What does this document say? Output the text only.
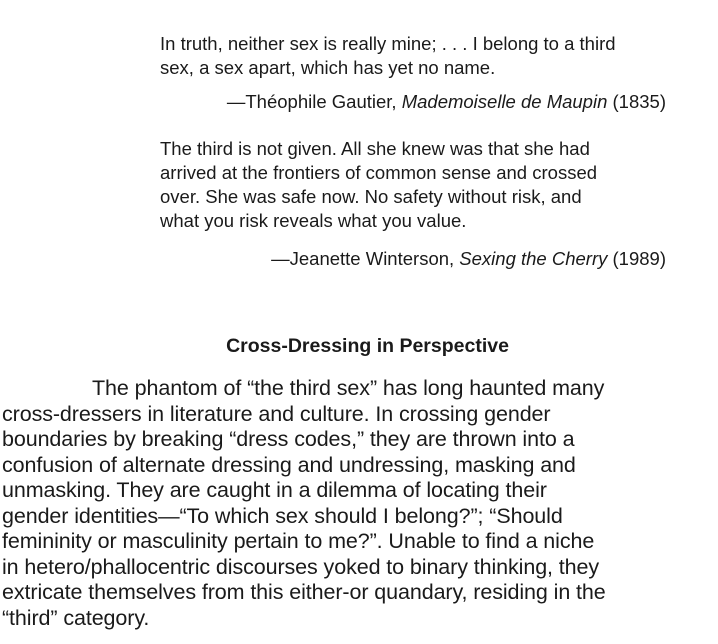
In truth, neither sex is really mine; . . . I belong to a third

sex, a sex apart, which has yet no name.

—Théophile Gautier, Mademoiselle de Maupin (1835)

The third is not given. All she knew was that she had

arrived at the frontiers of common sense and crossed

over. She was safe now. No safety without risk, and

what you risk reveals what you value.

—Jeanette Winterson, Sexing the Cherry (1989)

Cross-Dressing in Perspective
The phantom of “the third sex” has long haunted many
cross-dressers in literature and culture. In crossing gender
boundaries by breaking “dress codes,” they are thrown into a
confusion of alternate dressing and undressing, masking and
unmasking. They are caught in a dilemma of locating their
gender identities—“To which sex should I belong?”; “Should
femininity or masculinity pertain to me?”. Unable to find a niche
in hetero/phallocentric discourses yoked to binary thinking, they
extricate themselves from this either-or quandary, residing in the
“third” category.
